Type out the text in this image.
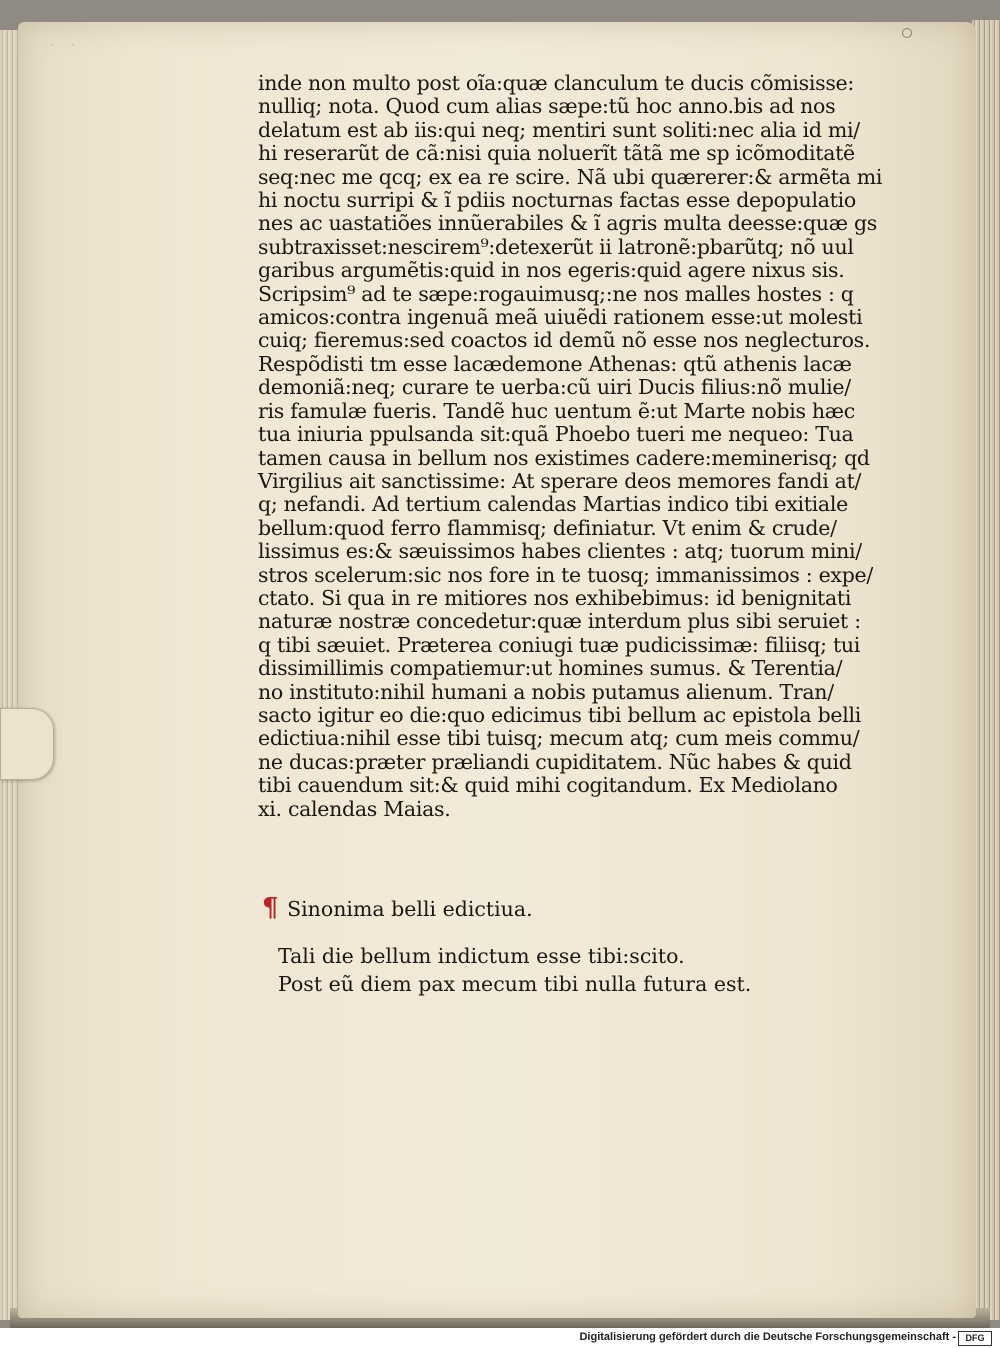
· ·
inde non multo post oĩa:quæ clanculum te ducis cõmisisse:
nulliq; nota. Quod cum alias sæpe:tũ hoc anno.bis ad nos
delatum est ab iis:qui neq; mentiri sunt soliti:nec alia id mi/
hi reserarũt de cã:nisi quia noluerĩt tãtã me sp icõmoditatẽ
seq:nec me qcq; ex ea re scire. Nã ubi quærerer:& armẽta mi
hi noctu surripi & ĩ pdiis nocturnas factas esse depopulatio
nes ac uastatiões innũerabiles & ĩ agris multa deesse:quæ gs
subtraxisset:nescirem⁹:detexerũt ii latronẽ:pbarũtq; nõ uul
garibus argumẽtis:quid in nos egeris:quid agere nixus sis.
Scripsim⁹ ad te sæpe:rogauimusq;:ne nos malles hostes : q
amicos:contra ingenuã meã uiuẽdi rationem esse:ut molesti
cuiq; fieremus:sed coactos id demũ nõ esse nos neglecturos.
Respõdisti tm esse lacædemone Athenas: qtũ athenis lacæ
demoniã:neq; curare te uerba:cũ uiri Ducis filius:nõ mulie/
ris famulæ fueris. Tandẽ huc uentum ẽ:ut Marte nobis hæc
tua iniuria ppulsanda sit:quã Phoebo tueri me nequeo: Tua
tamen causa in bellum nos existimes cadere:meminerisq; qd
Virgilius ait sanctissime: At sperare deos memores fandi at/
q; nefandi. Ad tertium calendas Martias indico tibi exitiale
bellum:quod ferro flammisq; definiatur. Vt enim & crude/
lissimus es:& sæuissimos habes clientes : atq; tuorum mini/
stros scelerum:sic nos fore in te tuosq; immanissimos : expe/
ctato. Si qua in re mitiores nos exhibebimus: id benignitati
naturæ nostræ concedetur:quæ interdum plus sibi seruiet :
q tibi sæuiet. Præterea coniugi tuæ pudicissimæ: filiisq; tui
dissimillimis compatiemur:ut homines sumus. & Terentia/
no instituto:nihil humani a nobis putamus alienum. Tran/
sacto igitur eo die:quo edicimus tibi bellum ac epistola belli
edictiua:nihil esse tibi tuisq; mecum atq; cum meis commu/
ne ducas:præter præliandi cupiditatem. Nũc habes & quid
tibi cauendum sit:& quid mihi cogitandum. Ex Mediolano
xi. calendas Maias.
¶ Sinonima belli edictiua.
Tali die bellum indictum esse tibi:scito.
Post eũ diem pax mecum tibi nulla futura est.
Digitalisierung gefördert durch die Deutsche Forschungsgemeinschaft -	DFG
